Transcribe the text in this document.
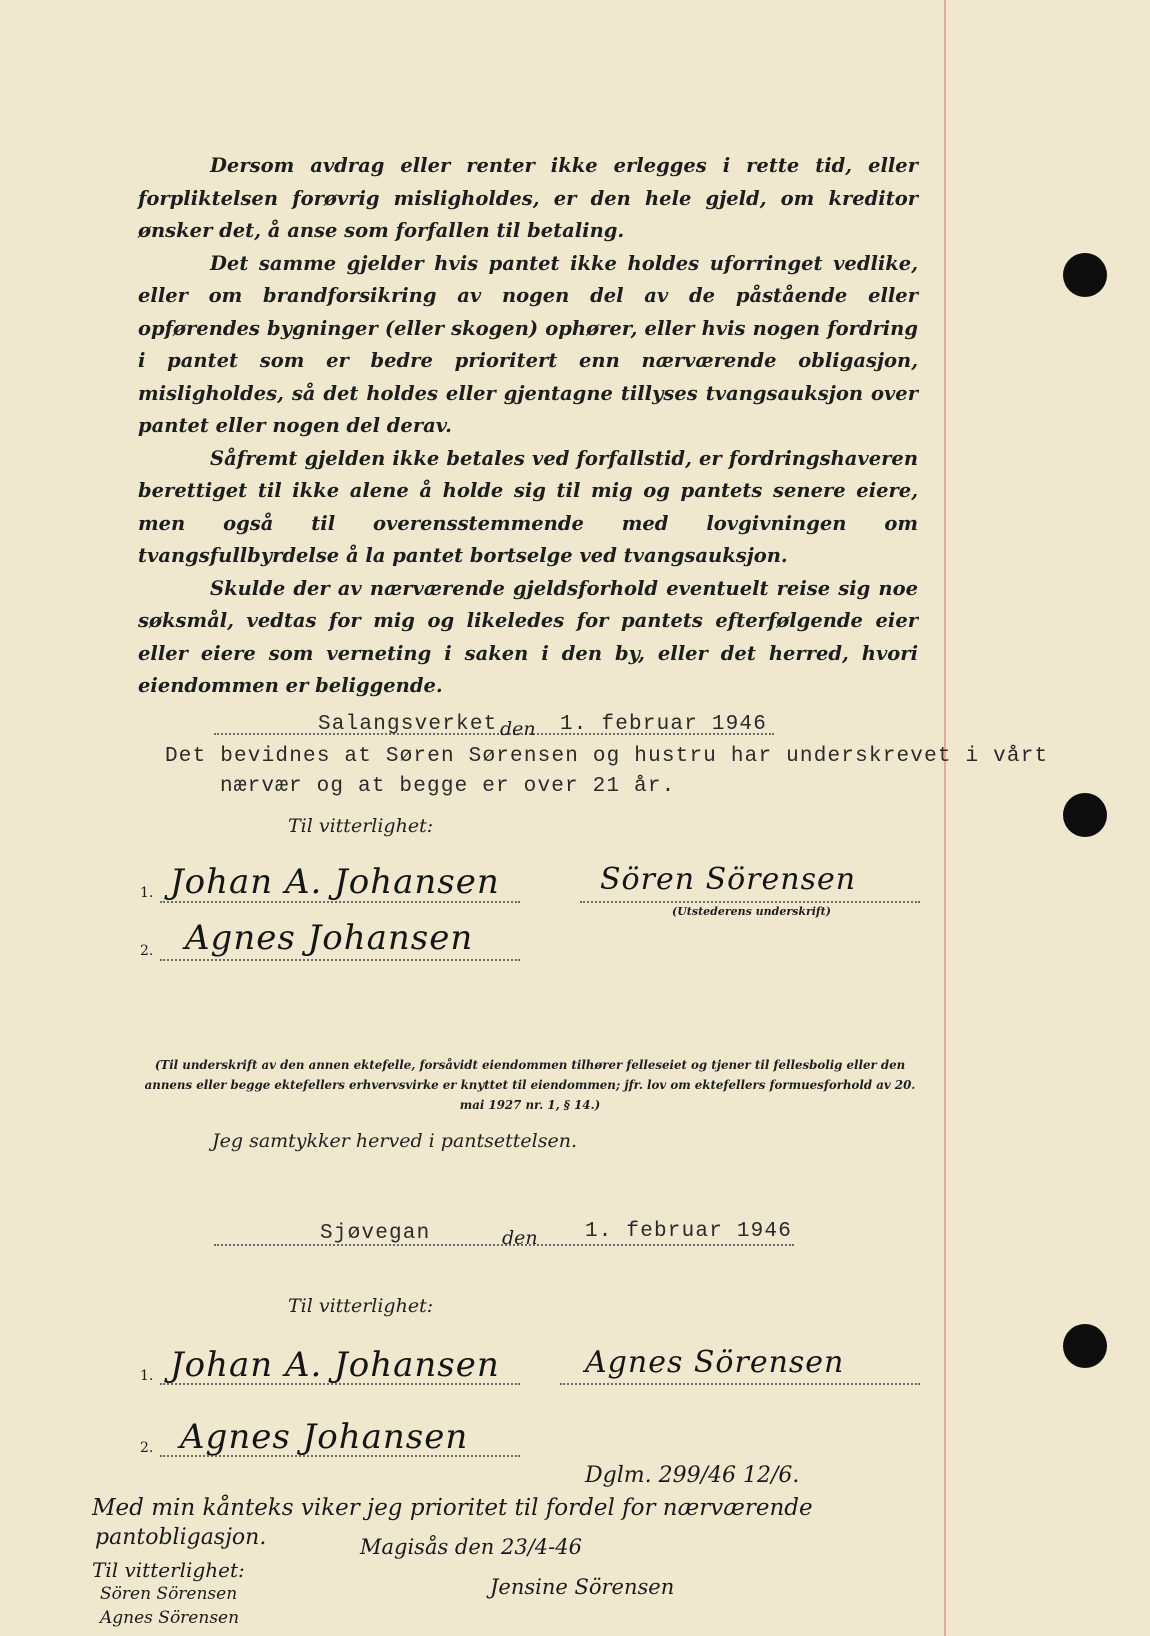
Dersom avdrag eller renter ikke erlegges i rette tid, eller forpliktelsen forøvrig misligholdes, er den hele gjeld, om kreditor ønsker det, å anse som forfallen til betaling.
Det samme gjelder hvis pantet ikke holdes uforringet vedlike, eller om brandforsikring av nogen del av de påstående eller opførendes bygninger (eller skogen) ophører, eller hvis nogen fordring i pantet som er bedre prioritert enn nærværende obligasjon, misligholdes, så det holdes eller gjentagne tillyses tvangsauksjon over pantet eller nogen del derav.
Såfremt gjelden ikke betales ved forfallstid, er fordringshaveren berettiget til ikke alene å holde sig til mig og pantets senere eiere, men også til overensstemmende med lovgivningen om tvangsfullbyrdelse å la pantet bortselge ved tvangsauksjon.
Skulde der av nærværende gjeldsforhold eventuelt reise sig noe søksmål, vedtas for mig og likeledes for pantets efterfølgende eier eller eiere som verneting i saken i den by, eller det herred, hvori eiendommen er beliggende.
Salangsverket den 1. februar 1946
Det bevidnes at Søren Sørensen og hustru har underskrevet i vårt
nærvær og at begge er over 21 år.
Til vitterlighet:
1. Johan A. Johansen	Sören Sörensen
(Utstederens underskrift)
2. Agnes Johansen
(Til underskrift av den annen ektefelle, forsåvidt eiendommen tilhører felleseiet og tjener til fellesbolig eller den annens eller begge ektefellers erhvervsvirke er knyttet til eiendommen; jfr. lov om ektefellers formuesforhold av 20. mai 1927 nr. 1, § 14.)
Jeg samtykker herved i pantsettelsen.
Sjøvegan	den 1. februar 1946
Til vitterlighet:
1. Johan A. Johansen	Agnes Sörensen
2. Agnes Johansen
Dglm. 299/46 12/6.
Med min kånteks viker jeg prioritet til fordel for nærværende
pantobligasjon.	Magisås den 23/4-46
Til vitterlighet:
Sören Sörensen
Agnes Sörensen
Jensine Sörensen
